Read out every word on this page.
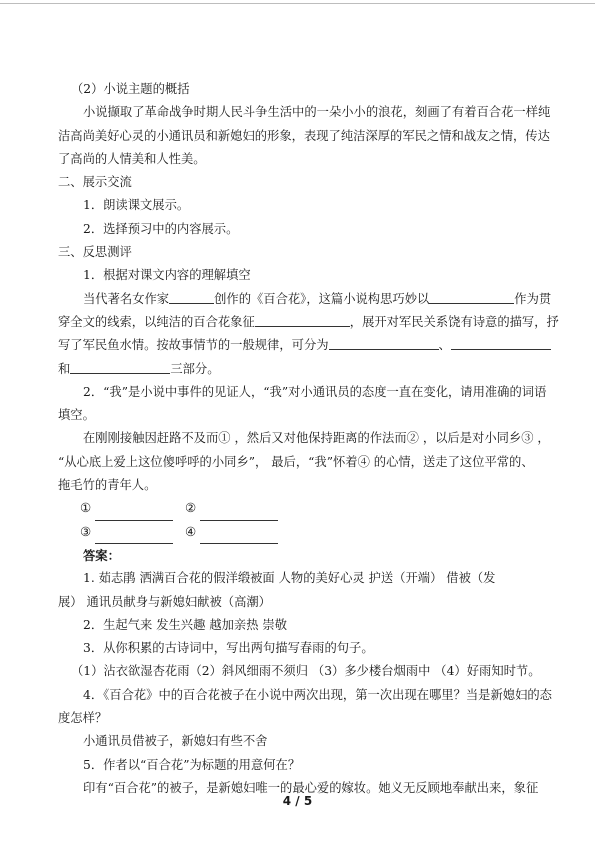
（2）小说主题的概括
小说撷取了革命战争时期人民斗争生活中的一朵小小的浪花，刻画了有着百合花一样纯
洁高尚美好心灵的小通讯员和新媳妇的形象，表现了纯洁深厚的军民之情和战友之情，传达
了高尚的人情美和人性美。
二、展示交流
1．朗读课文展示。
2．选择预习中的内容展示。
三、反思测评
1．根据对课文内容的理解填空
当代著名女作家	创作的《百合花》，这篇小说构思巧妙以	作为贯
穿全文的线索，以纯洁的百合花象征	，展开对军民关系饶有诗意的描写，抒
写了军民鱼水情。按故事情节的一般规律，可分为	、
和	三部分。
2．“我”是小说中事件的见证人，“我”对小通讯员的态度一直在变化，请用准确的词语
填空。
在刚刚接触因赶路不及而① ，然后又对他保持距离的作法而② ，以后是对小同乡③ ，
“从心底上爱上这位傻呼呼的小同乡”， 最后，“我”怀着④ 的心情，送走了这位平常的、
拖毛竹的青年人。
①	②
③	④
答案：
1. 茹志鹃 洒满百合花的假洋缎被面 人物的美好心灵 护送（开端） 借被（发
展） 通讯员献身与新媳妇献被（高潮）
2．生起气来 发生兴趣 越加亲热 崇敬
3．从你积累的古诗词中，写出两句描写春雨的句子。
（1）沾衣欲湿杏花雨（2）斜风细雨不须归 （3）多少楼台烟雨中 （4）好雨知时节。
4．《百合花》中的百合花被子在小说中两次出现，第一次出现在哪里？当是新媳妇的态
度怎样？
小通讯员借被子，新媳妇有些不舍
5．作者以“百合花”为标题的用意何在？
印有“百合花”的被子，是新媳妇唯一的最心爱的嫁妆。她义无反顾地奉献出来，象征
4 / 5
